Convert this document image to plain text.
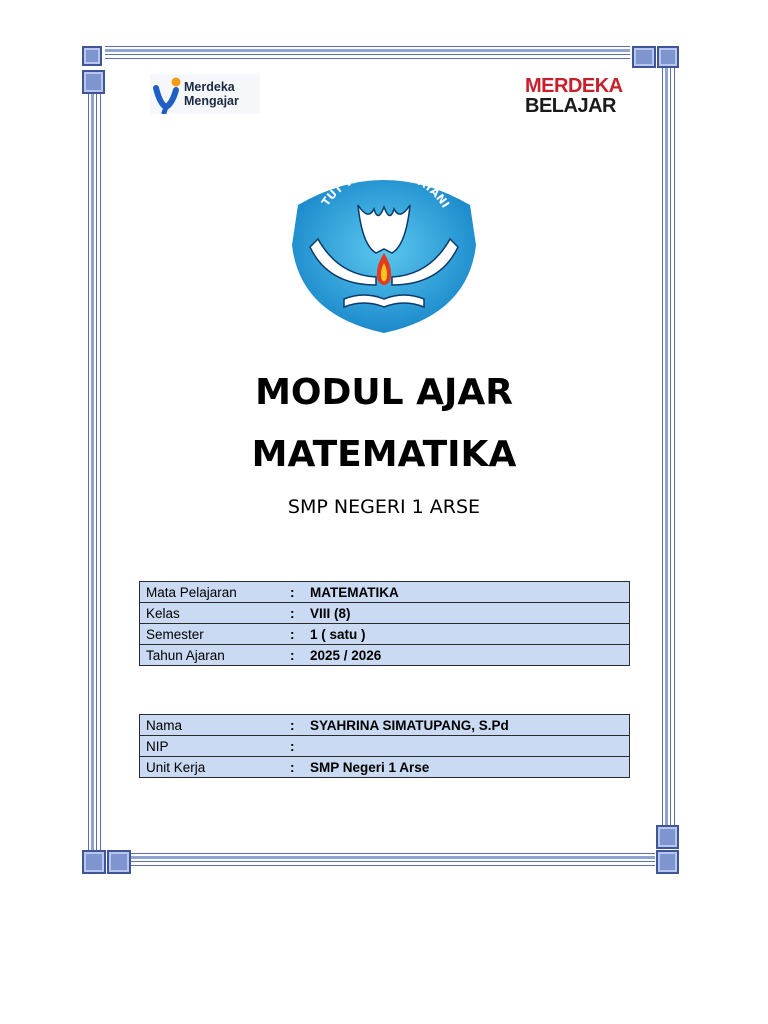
Merdeka
Mengajar
MERDEKA
BELAJAR
TUT WURI HANDAYANI
MODUL AJAR
MATEMATIKA
SMP NEGERI 1 ARSE
Mata Pelajaran	:	MATEMATIKA
Kelas	:	VIII (8)
Semester	:	1 ( satu )
Tahun Ajaran	:	2025 / 2026
Nama	:	SYAHRINA SIMATUPANG, S.Pd
NIP	:	
Unit Kerja	:	SMP Negeri 1 Arse
